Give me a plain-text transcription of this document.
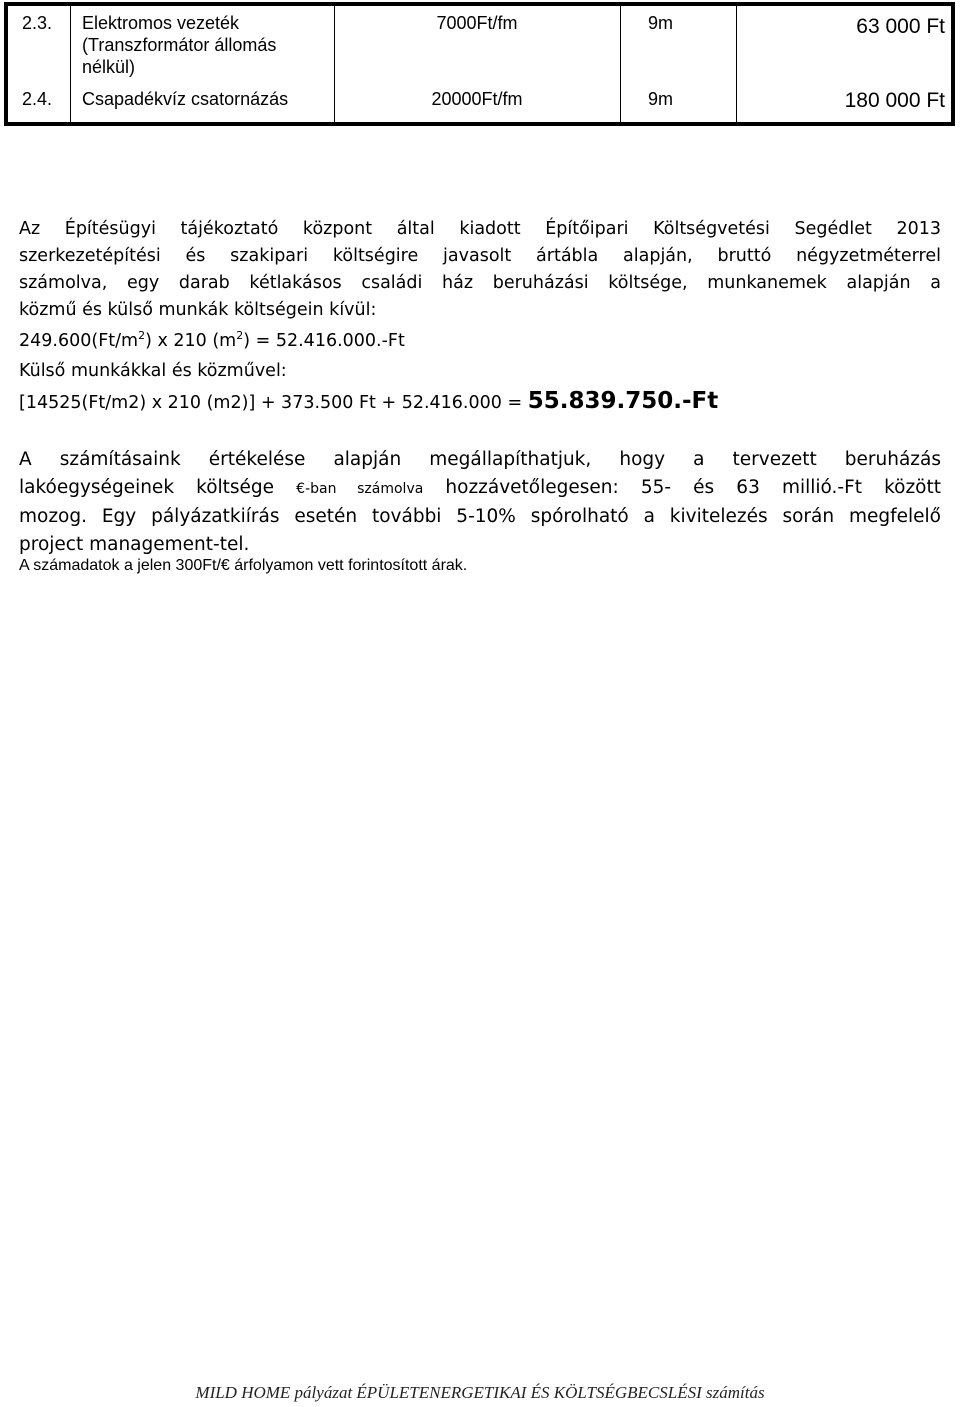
2.3. Elektromos vezeték
(Transzformátor állomás
nélkül)
7000Ft/fm	9m	63 000 Ft
2.4. Csapadékvíz csatornázás	20000Ft/fm	9m	180 000 Ft
Az Építésügyi tájékoztató központ által kiadott Építőipari Költségvetési Segédlet 2013
szerkezetépítési és szakipari költségire javasolt ártábla alapján, bruttó négyzetméterrel
számolva, egy darab kétlakásos családi ház beruházási költsége, munkanemek alapján a
közmű és külső munkák költségein kívül:
$249.600(Ft/m^2)$ x 210 $(m^2) = 52.416.000.-Ft$
Külső munkákkal és közművel:
[14525(Ft/m2) x 210 (m2)] + 373.500 Ft + 52.416.000 = 55.839.750.-Ft
A számításaink értékelése alapján megállapíthatjuk, hogy a tervezett beruházás
lakóegységeinek költsége €-ban számolva hozzávetőlegesen: 55- és 63 millió.-Ft között
mozog. Egy pályázatkiírás esetén további 5-10% spórolható a kivitelezés során megfelelő
project management-tel.
A számadatok a jelen 300Ft/€ árfolyamon vett forintosított árak.
MILD HOME pályázat ÉPÜLETENERGETIKAI ÉS KÖLTSÉGBECSLÉSI számítás
